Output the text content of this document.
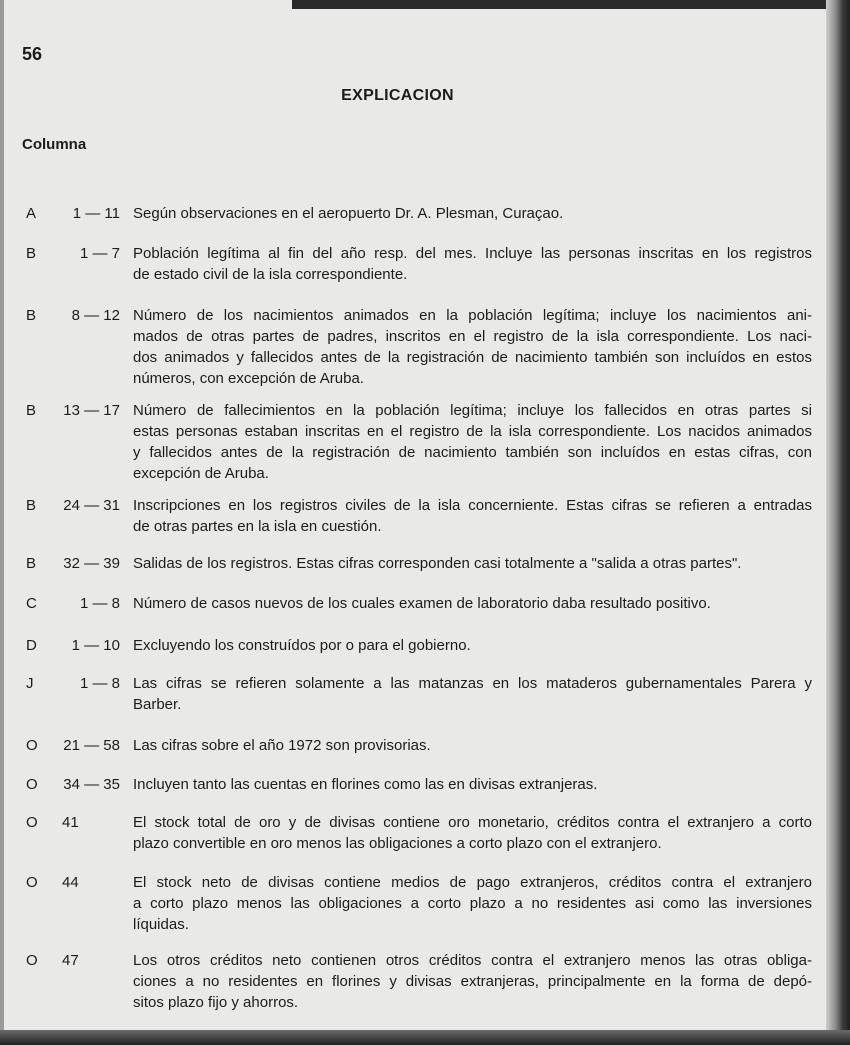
56
EXPLICACION
Columna
A	1 — 11 Según observaciones en el aeropuerto Dr. A. Plesman, Curaçao.
B	1 — 7 Población legítima al fin del año resp. del mes. Incluye las personas inscritas en los registros
de estado civil de la isla correspondiente.
B	8 — 12 Número de los nacimientos animados en la población legítima; incluye los nacimientos ani-
mados de otras partes de padres, inscritos en el registro de la isla correspondiente. Los naci-
dos animados y fallecidos antes de la registración de nacimiento también son incluídos en estos
números, con excepción de Aruba.
B	13 — 17 Número de fallecimientos en la población legítima; incluye los fallecidos en otras partes si
estas personas estaban inscritas en el registro de la isla correspondiente. Los nacidos animados
y fallecidos antes de la registración de nacimiento también son incluídos en estas cifras, con
excepción de Aruba.
B	24 — 31 Inscripciones en los registros civiles de la isla concerniente. Estas cifras se refieren a entradas
de otras partes en la isla en cuestión.
B	32 — 39 Salidas de los registros. Estas cifras corresponden casi totalmente a "salida a otras partes".
C	1 — 8 Número de casos nuevos de los cuales examen de laboratorio daba resultado positivo.
D	1 — 10 Excluyendo los construídos por o para el gobierno.
J	1 — 8 Las cifras se refieren solamente a las matanzas en los mataderos gubernamentales Parera y
Barber.
O	21 — 58 Las cifras sobre el año 1972 son provisorias.
O	34 — 35 Incluyen tanto las cuentas en florines como las en divisas extranjeras.
O 41	El stock total de oro y de divisas contiene oro monetario, créditos contra el extranjero a corto
plazo convertible en oro menos las obligaciones a corto plazo con el extranjero.
O 44	El stock neto de divisas contiene medios de pago extranjeros, créditos contra el extranjero
a corto plazo menos las obligaciones a corto plazo a no residentes asi como las inversiones
líquidas.
O 47	Los otros créditos neto contienen otros créditos contra el extranjero menos las otras obliga-
ciones a no residentes en florines y divisas extranjeras, principalmente en la forma de depó-
sitos plazo fijo y ahorros.
